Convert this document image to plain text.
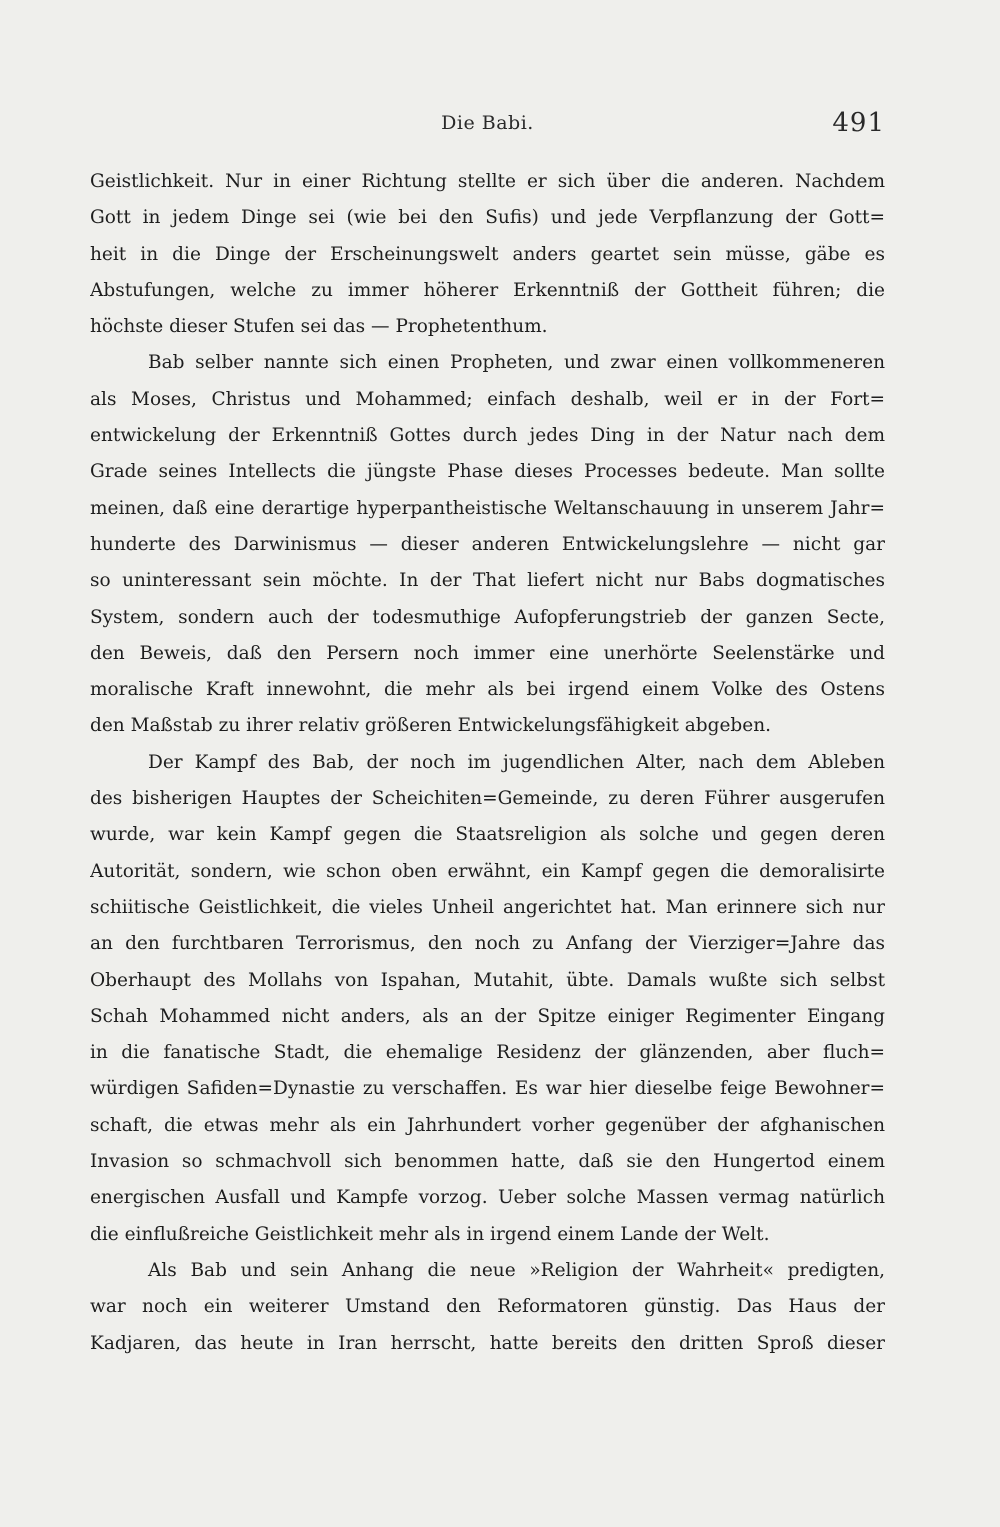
Die Babi.	491
Geistlichkeit. Nur in einer Richtung stellte er sich über die anderen. Nachdem
Gott in jedem Dinge sei (wie bei den Sufis) und jede Verpflanzung der Gott=
heit in die Dinge der Erscheinungswelt anders geartet sein müsse, gäbe es
Abstufungen, welche zu immer höherer Erkenntniß der Gottheit führen; die
höchste dieser Stufen sei das — Prophetenthum.
Bab selber nannte sich einen Propheten, und zwar einen vollkommeneren
als Moses, Christus und Mohammed; einfach deshalb, weil er in der Fort=
entwickelung der Erkenntniß Gottes durch jedes Ding in der Natur nach dem
Grade seines Intellects die jüngste Phase dieses Processes bedeute. Man sollte
meinen, daß eine derartige hyperpantheistische Weltanschauung in unserem Jahr=
hunderte des Darwinismus — dieser anderen Entwickelungslehre — nicht gar
so uninteressant sein möchte. In der That liefert nicht nur Babs dogmatisches
System, sondern auch der todesmuthige Aufopferungstrieb der ganzen Secte,
den Beweis, daß den Persern noch immer eine unerhörte Seelenstärke und
moralische Kraft innewohnt, die mehr als bei irgend einem Volke des Ostens
den Maßstab zu ihrer relativ größeren Entwickelungsfähigkeit abgeben.
Der Kampf des Bab, der noch im jugendlichen Alter, nach dem Ableben
des bisherigen Hauptes der Scheichiten=Gemeinde, zu deren Führer ausgerufen
wurde, war kein Kampf gegen die Staatsreligion als solche und gegen deren
Autorität, sondern, wie schon oben erwähnt, ein Kampf gegen die demoralisirte
schiitische Geistlichkeit, die vieles Unheil angerichtet hat. Man erinnere sich nur
an den furchtbaren Terrorismus, den noch zu Anfang der Vierziger=Jahre das
Oberhaupt des Mollahs von Ispahan, Mutahit, übte. Damals wußte sich selbst
Schah Mohammed nicht anders, als an der Spitze einiger Regimenter Eingang
in die fanatische Stadt, die ehemalige Residenz der glänzenden, aber fluch=
würdigen Safiden=Dynastie zu verschaffen. Es war hier dieselbe feige Bewohner=
schaft, die etwas mehr als ein Jahrhundert vorher gegenüber der afghanischen
Invasion so schmachvoll sich benommen hatte, daß sie den Hungertod einem
energischen Ausfall und Kampfe vorzog. Ueber solche Massen vermag natürlich
die einflußreiche Geistlichkeit mehr als in irgend einem Lande der Welt.
Als Bab und sein Anhang die neue »Religion der Wahrheit« predigten,
war noch ein weiterer Umstand den Reformatoren günstig. Das Haus der
Kadjaren, das heute in Iran herrscht, hatte bereits den dritten Sproß dieser
